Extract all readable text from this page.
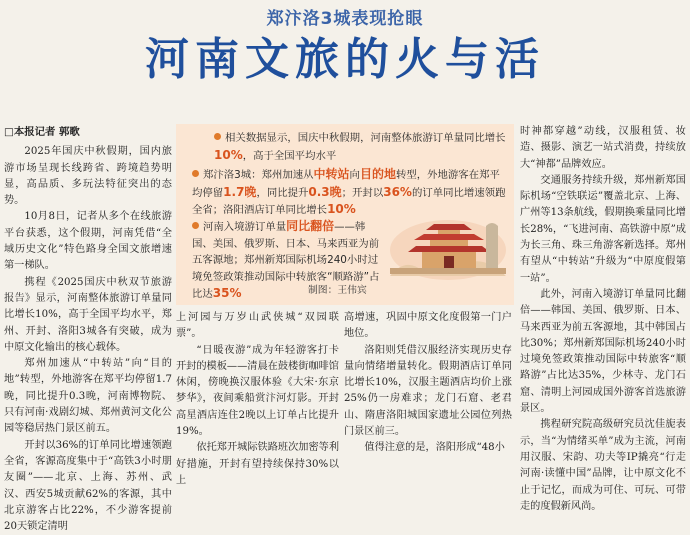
郑汴洛3城表现抢眼
河南文旅的火与活

□本报记者 郭歌

2025年国庆中秋假期，国内旅游市场呈现长线跨省、跨境趋势明显，高品质、多玩法特征突出的态势。

10月8日，记者从多个在线旅游平台获悉，这个假期，河南凭借“全域历史文化”特色路身全国文旅增速第一梯队。

携程《2025国庆中秋双节旅游报告》显示，河南整体旅游订单量同比增长10%，高于全国平均水平，郑州、开封、洛阳3城各有突破，成为中原文化输出的核心载体。

郑州加速从“中转站”向“目的地”转型，外地游客在郑平均停留1.7晚，同比提升0.3晚，河南博物院、只有河南·戏剧幻城、郑州黄河文化公园等稳居热门景区前五。

开封以36%的订单同比增速领跑全省，客源高度集中于“高铁3小时朋友圈”——北京、上海、苏州、武汉、西安5城贡献62%的客源，其中北京游客占比22%，不少游客提前20天锁定清明

相关数据显示，国庆中秋假期，河南整体旅游订单量同比增长10%，高于全国平均水平
郑汴洛3城：郑州加速从中转站向目的地转型，外地游客在郑平均停留1.7晚，同比提升0.3晚；开封以36%的订单同比增速领跑全省；洛阳酒店订单同比增长10%
河南入境游订单量同比翻倍——韩国、美国、俄罗斯、日本、马来西亚为前五客源地；郑州新郑国际机场240小时过境免签政策推动国际中转旅客“顺路游”占比达35%	制图：王伟宾

上河园与万岁山武侠城“双园联票”。

“日暖夜游”成为年轻游客打卡开封的模板——清晨在鼓楼街咖啡馆休闲，傍晚换汉服体验《大宋·东京梦华》，夜间乘船赏汴河灯影。开封高星酒店连住2晚以上订单占比提升19%。

依托郑开城际铁路班次加密等利好措施，开封有望持续保持30%以上

高增速，巩固中原文化度假第一门户地位。

洛阳则凭借汉服经济实现历史存量向情绪增量转化。假期酒店订单同比增长10%，汉服主题酒店均价上涨25%仍一房难求；龙门石窟、老君山、隋唐洛阳城国家遗址公园位列热门景区前三。

值得注意的是，洛阳形成“48小

时神都穿越”动线，汉服租赁、妆造、摄影、演艺一站式消费，持续放大“神都”品牌效应。

交通服务持续升级，郑州新郑国际机场“空铁联运”覆盖北京、上海、广州等13条航线，假期换乘量同比增长28%，“飞进河南、高铁游中原”成为长三角、珠三角游客新选择。郑州有望从“中转站”升级为“中原度假第一站”。

此外，河南入境游订单量同比翻倍——韩国、美国、俄罗斯、日本、马来西亚为前五客源地，其中韩国占比30%；郑州新郑国际机场240小时过境免签政策推动国际中转旅客“顺路游”占比达35%，少林寺、龙门石窟、清明上河园成国外游客首选旅游景区。

携程研究院高级研究员沈佳旎表示，当“为情绪买单”成为主流，河南用汉服、宋韵、功夫等IP撬亮“行走河南·读懂中国”品牌，让中原文化不止于记忆，而成为可住、可玩、可带走的度假新风尚。
